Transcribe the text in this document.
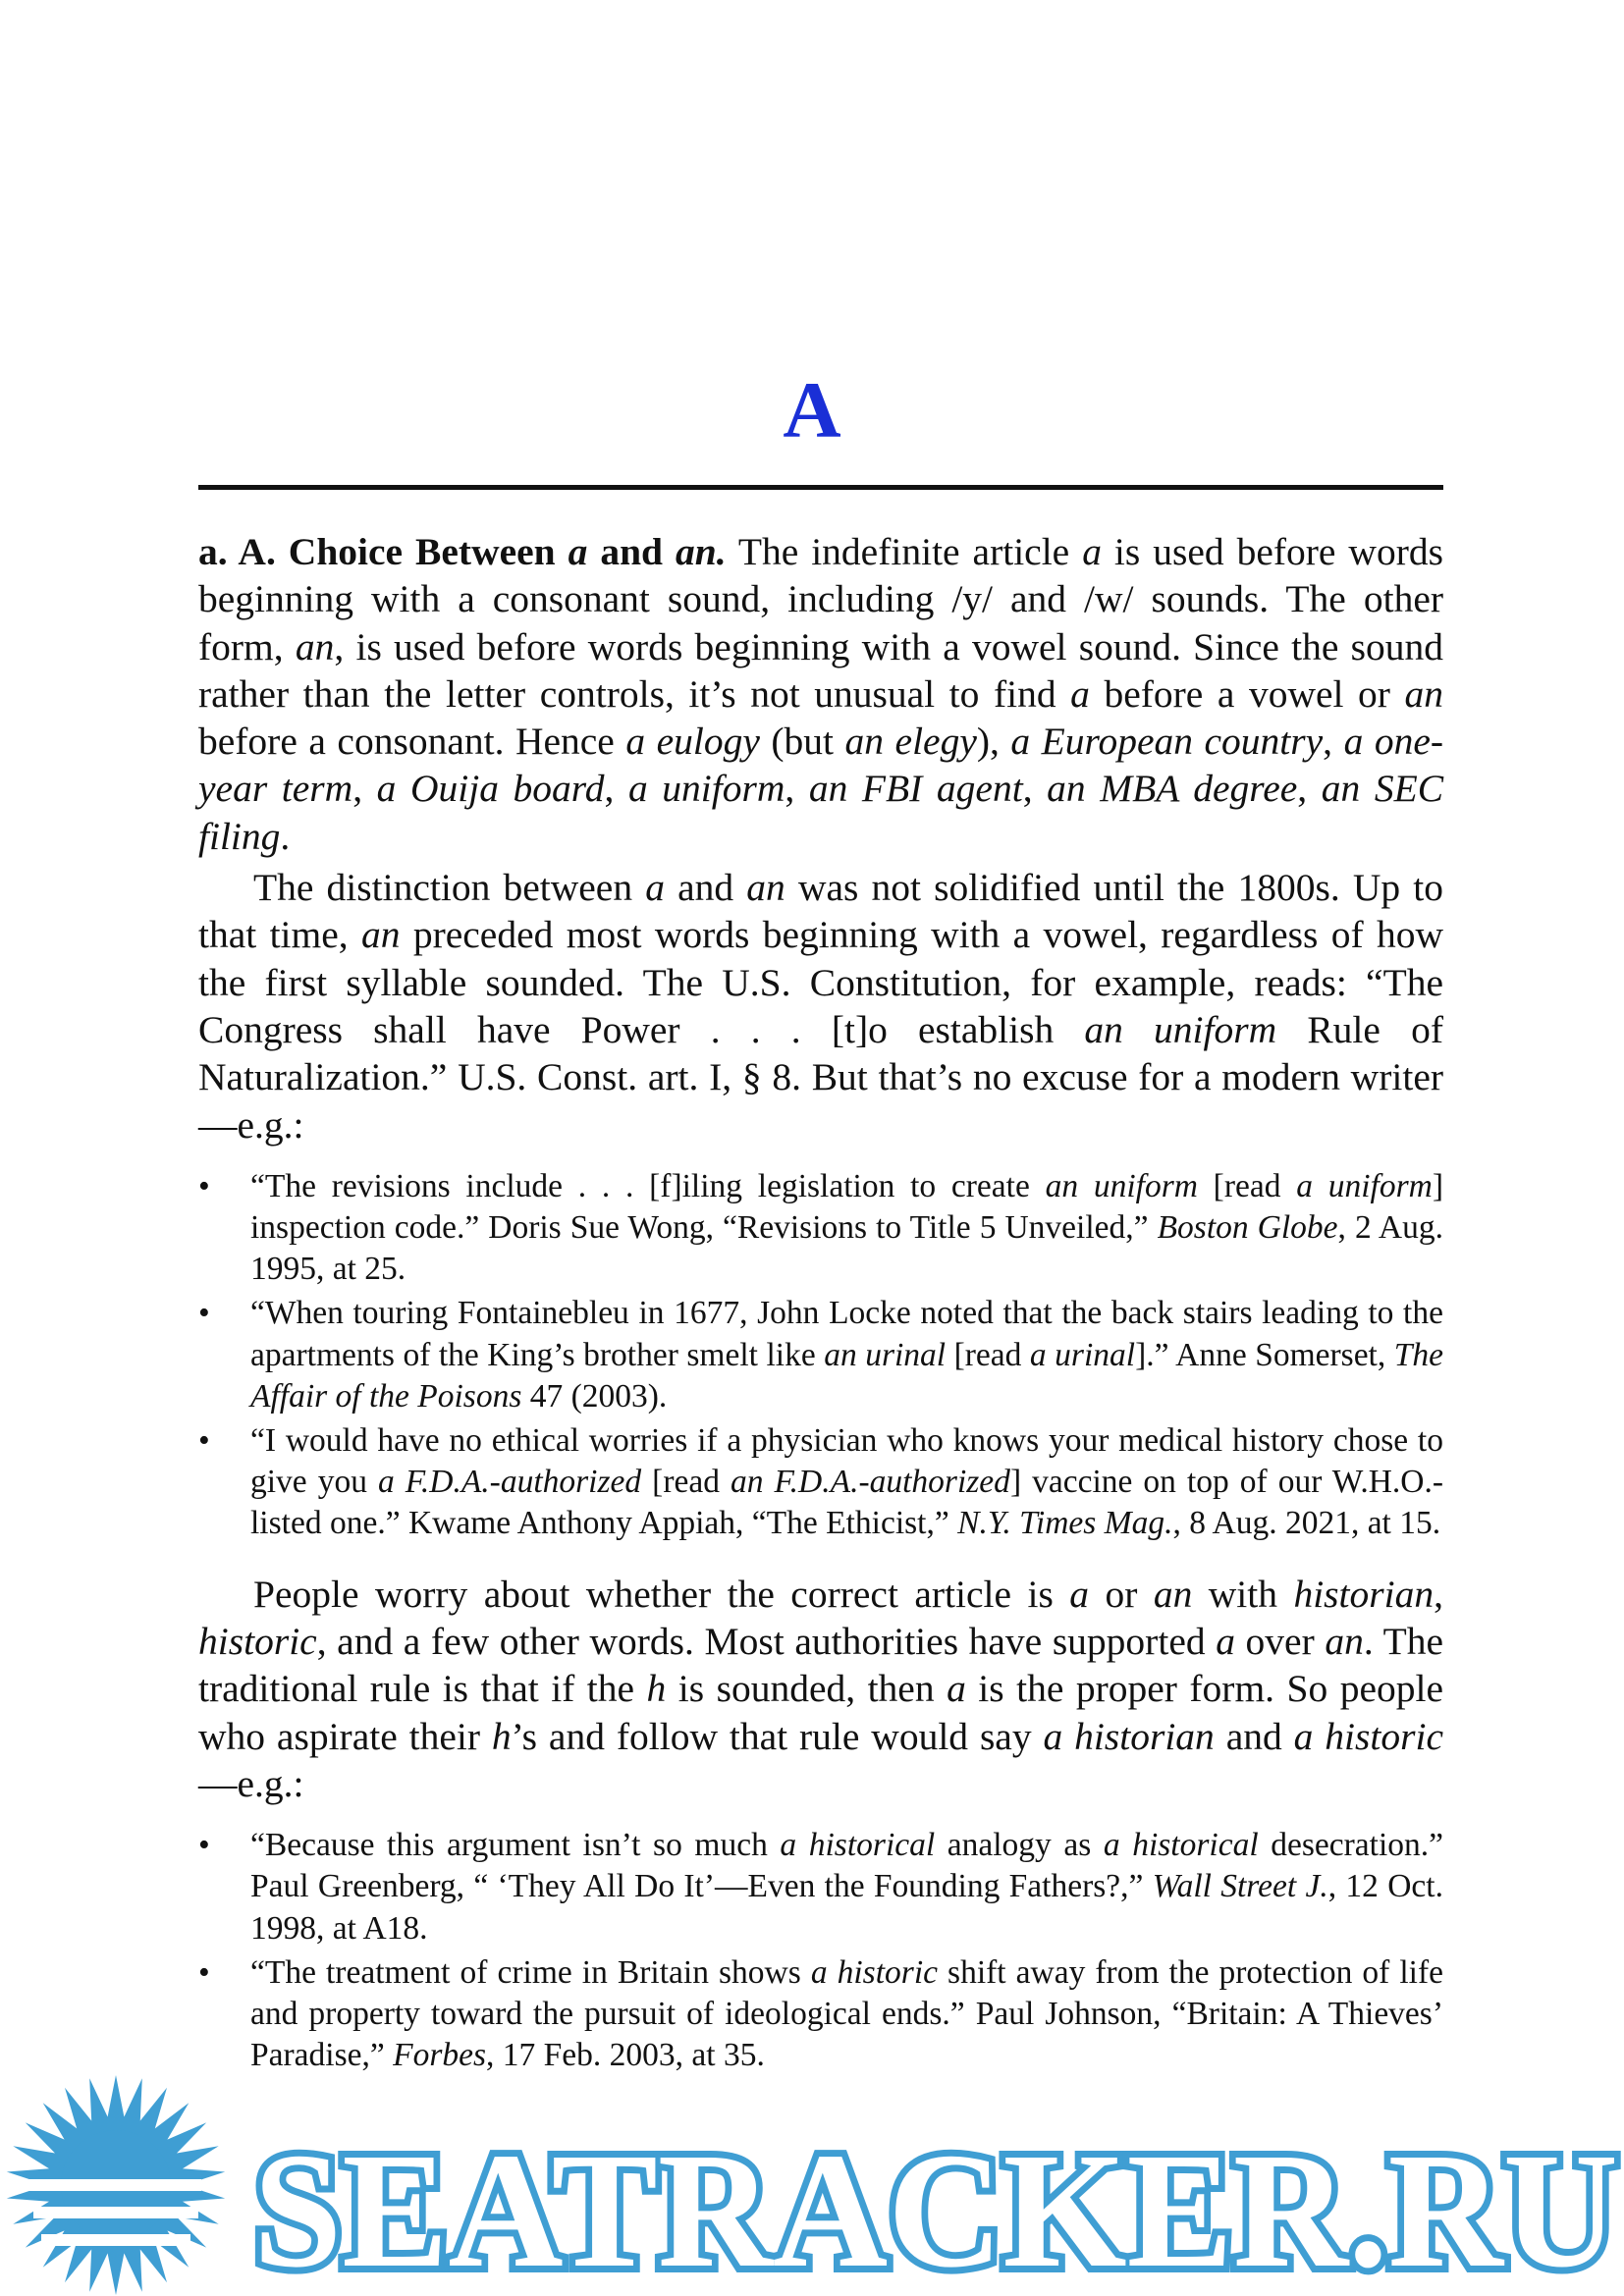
A

a. A. Choice Between a and an. The indefinite article a is used before words beginning with a consonant sound, including /y/ and /w/ sounds. The other form, an, is used before words beginning with a vowel sound. Since the sound rather than the letter controls, it’s not unusual to find a before a vowel or an before a consonant. Hence a eulogy (but an elegy), a European country, a one-year term, a Ouija board, a uniform, an FBI agent, an MBA degree, an SEC filing.

The distinction between a and an was not solidified until the 1800s. Up to that time, an preceded most words beginning with a vowel, regardless of how the first syllable sounded. The U.S. Constitution, for example, reads: “The Congress shall have Power . . . [t]o establish an uniform Rule of Naturalization.” U.S. Const. art. I, § 8. But that’s no excuse for a modern writer—e.g.:

• “The revisions include . . . [f]iling legislation to create an uniform [read a uniform] inspection code.” Doris Sue Wong, “Revisions to Title 5 Unveiled,” Boston Globe, 2 Aug. 1995, at 25.
• “When touring Fontainebleu in 1677, John Locke noted that the back stairs leading to the apartments of the King’s brother smelt like an urinal [read a urinal].” Anne Somerset, The Affair of the Poisons 47 (2003).
• “I would have no ethical worries if a physician who knows your medical history chose to give you a F.D.A.-authorized [read an F.D.A.-authorized] vaccine on top of our W.H.O.-listed one.” Kwame Anthony Appiah, “The Ethicist,” N.Y. Times Mag., 8 Aug. 2021, at 15.

People worry about whether the correct article is a or an with historian, historic, and a few other words. Most authorities have supported a over an. The traditional rule is that if the h is sounded, then a is the proper form. So people who aspirate their h’s and follow that rule would say a historian and a historic—e.g.:

• “Because this argument isn’t so much a historical analogy as a historical desecration.” Paul Greenberg, “ ‘They All Do It’—Even the Founding Fathers?,” Wall Street J., 12 Oct. 1998, at A18.
• “The treatment of crime in Britain shows a historic shift away from the protection of life and property toward the pursuit of ideological ends.” Paul Johnson, “Britain: A Thieves’ Paradise,” Forbes, 17 Feb. 2003, at 35.
SEATRACKER.RU
